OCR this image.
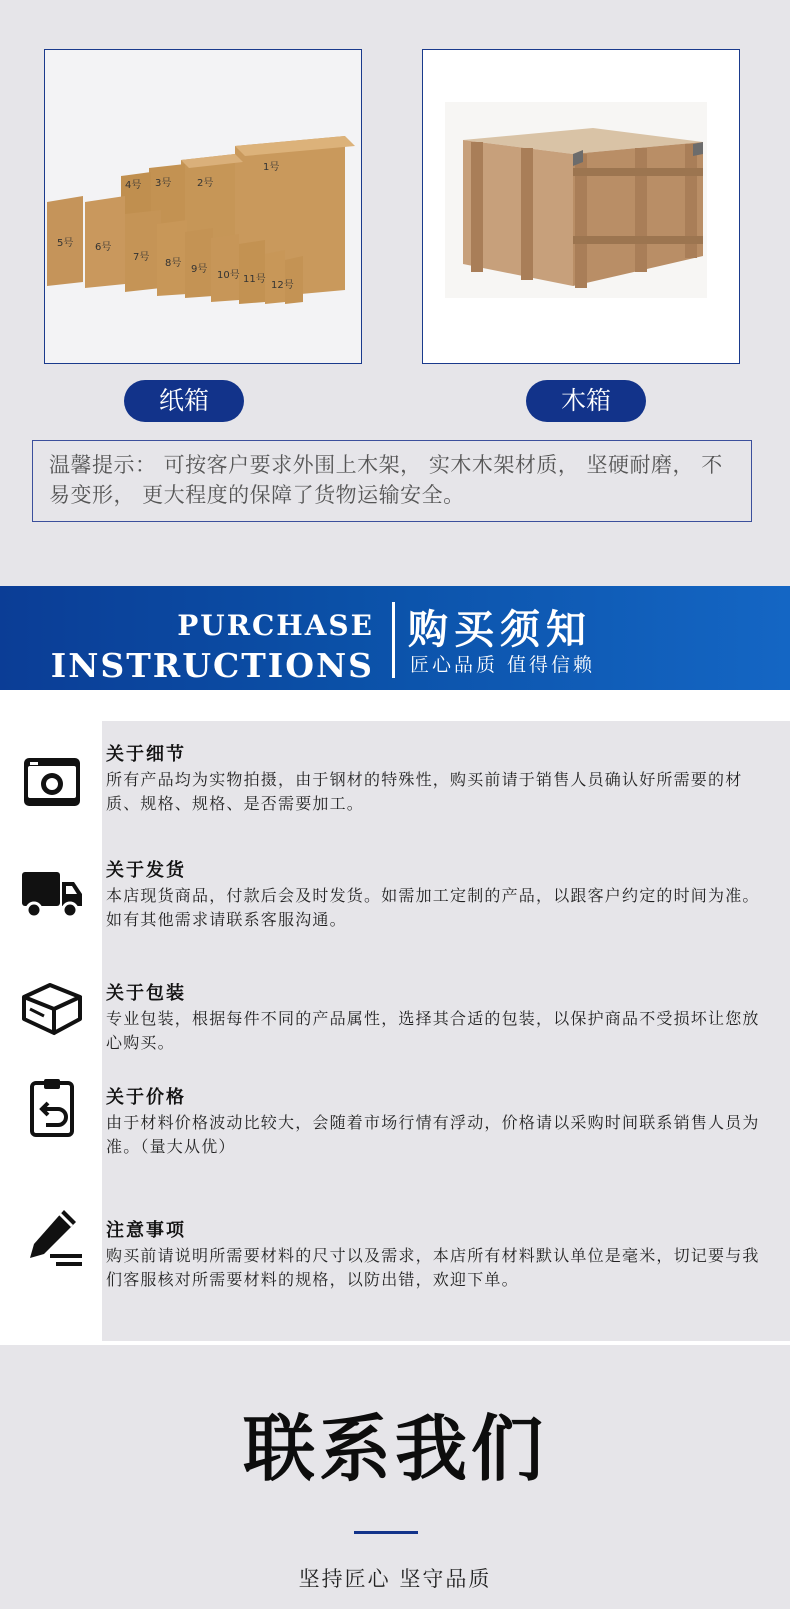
1号
2号
3号
4号
5号 6号
7号
8号
9号
10号 11号
12号
纸箱	木箱
温馨提示： 可按客户要求外围上木架， 实木木架材质， 坚硬耐磨， 不易变形， 更大程度的保障了货物运输安全。
PURCHASE
INSTRUCTIONS
购买须知
匠心品质 值得信赖
关于细节
所有产品均为实物拍摄，由于钢材的特殊性，购买前请于销售人员确认好所需要的材质、规格、规格、是否需要加工。
关于发货
本店现货商品，付款后会及时发货。如需加工定制的产品，以跟客户约定的时间为准。如有其他需求请联系客服沟通。
关于包装
专业包装，根据每件不同的产品属性，选择其合适的包装，以保护商品不受损坏让您放心购买。
关于价格
由于材料价格波动比较大，会随着市场行情有浮动，价格请以采购时间联系销售人员为准。（量大从优）
注意事项
购买前请说明所需要材料的尺寸以及需求，本店所有材料默认单位是毫米，切记要与我们客服核对所需要材料的规格，以防出错，欢迎下单。
联系我们
坚持匠心 坚守品质
